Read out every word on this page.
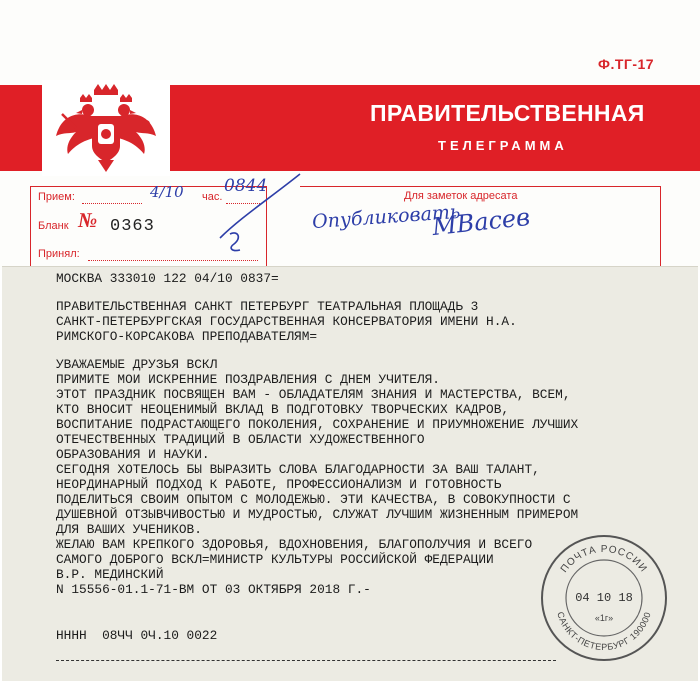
Ф.ТГ-17
ПРАВИТЕЛЬСТВЕННАЯ
ТЕЛЕГРАММА
Прием:	час.
4/10 0844
Бланк № 0363
Принял:
Для заметок адресата
Опубликовать
МВасев

МОСКВА 333010 122 04/10 0837=

ПРАВИТЕЛЬСТВЕННАЯ САНКТ ПЕТЕРБУРГ ТЕАТРАЛЬНАЯ ПЛОЩАДЬ 3

САНКТ-ПЕТЕРБУРГСКАЯ ГОСУДАРСТВЕННАЯ КОНСЕРВАТОРИЯ ИМЕНИ Н.А.

РИМСКОГО-КОРСАКОВА ПРЕПОДАВАТЕЛЯМ=

УВАЖАЕМЫЕ ДРУЗЬЯ ВСКЛ

ПРИМИТЕ МОИ ИСКРЕННИЕ ПОЗДРАВЛЕНИЯ С ДНЕМ УЧИТЕЛЯ.

ЭТОТ ПРАЗДНИК ПОСВЯЩЕН ВАМ - ОБЛАДАТЕЛЯМ ЗНАНИЯ И МАСТЕРСТВА, ВСЕМ,

КТО ВНОСИТ НЕОЦЕНИМЫЙ ВКЛАД В ПОДГОТОВКУ ТВОРЧЕСКИХ КАДРОВ,

ВОСПИТАНИЕ ПОДРАСТАЮЩЕГО ПОКОЛЕНИЯ, СОХРАНЕНИЕ И ПРИУМНОЖЕНИЕ ЛУЧШИХ

ОТЕЧЕСТВЕННЫХ ТРАДИЦИЙ В ОБЛАСТИ ХУДОЖЕСТВЕННОГО

ОБРАЗОВАНИЯ И НАУКИ.

СЕГОДНЯ ХОТЕЛОСЬ БЫ ВЫРАЗИТЬ СЛОВА БЛАГОДАРНОСТИ ЗА ВАШ ТАЛАНТ,

НЕОРДИНАРНЫЙ ПОДХОД К РАБОТЕ, ПРОФЕССИОНАЛИЗМ И ГОТОВНОСТЬ

ПОДЕЛИТЬСЯ СВОИМ ОПЫТОМ С МОЛОДЕЖЬЮ. ЭТИ КАЧЕСТВА, В СОВОКУПНОСТИ С

ДУШЕВНОЙ ОТЗЫВЧИВОСТЬЮ И МУДРОСТЬЮ, СЛУЖАТ ЛУЧШИМ ЖИЗНЕННЫМ ПРИМЕРОМ

ДЛЯ ВАШИХ УЧЕНИКОВ.

ЖЕЛАЮ ВАМ КРЕПКОГО ЗДОРОВЬЯ, ВДОХНОВЕНИЯ, БЛАГОПОЛУЧИЯ И ВСЕГО

САМОГО ДОБРОГО ВСКЛ=МИНИСТР КУЛЬТУРЫ РОССИЙСКОЙ ФЕДЕРАЦИИ

В.Р. МЕДИНСКИЙ

N 15556-01.1-71-ВМ ОТ 03 ОКТЯБРЯ 2018 Г.-

НННН  08ЧЧ 0Ч.10 0022

ПОЧТА РОССИИ
САНКТ-ПЕТЕРБУРГ 190000
04 10 18
«1г»
